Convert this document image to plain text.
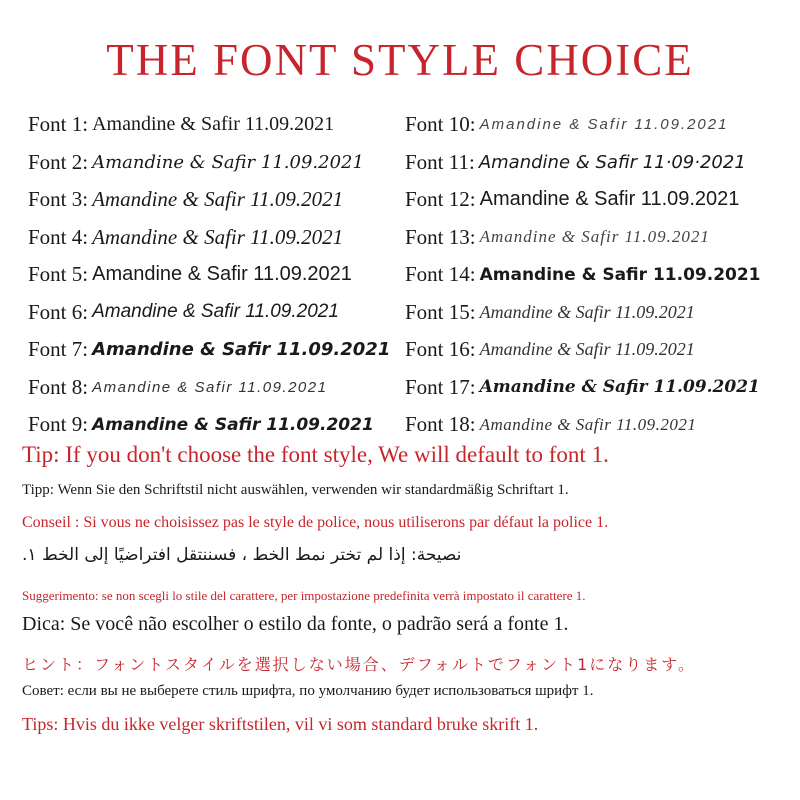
THE FONT STYLE CHOICE
Font 1: Amandine & Safir 11.09.2021
Font 2: Amandine & Safir 11.09.2021
Font 3: Amandine & Safir 11.09.2021
Font 4: Amandine & Safir 11.09.2021
Font 5: Amandine & Safir 11.09.2021
Font 6: Amandine & Safir 11.09.2021
Font 7: Amandine & Safir 11.09.2021
Font 8: Amandine & Safir 11.09.2021
Font 9: Amandine & Safir 11.09.2021
Font 10: Amandine & Safir 11.09.2021
Font 11: Amandine & Safir 11·09·2021
Font 12: Amandine & Safir 11.09.2021
Font 13: Amandine & Safir 11.09.2021
Font 14: Amandine & Safir 11.09.2021
Font 15: Amandine & Safir 11.09.2021
Font 16: Amandine & Safir 11.09.2021
Font 17: Amandine & Safir 11.09.2021
Font 18: Amandine & Safir 11.09.2021
Tip: If you don't choose the font style, We will default to font 1.
Tipp: Wenn Sie den Schriftstil nicht auswählen, verwenden wir standardmäßig Schriftart 1.
Conseil : Si vous ne choisissez pas le style de police, nous utiliserons par défaut la police 1.
نصيحة: إذا لم تختر نمط الخط ، فسننتقل افتراضيًا إلى الخط ١.
Suggerimento: se non scegli lo stile del carattere, per impostazione predefinita verrà impostato il carattere 1.
Dica: Se você não escolher o estilo da fonte, o padrão será a fonte 1.
ヒント：フォントスタイルを選択しない場合、デフォルトでフォント1になります。
Совет: если вы не выберете стиль шрифта, по умолчанию будет использоваться шрифт 1.
Tips: Hvis du ikke velger skriftstilen, vil vi som standard bruke skrift 1.
